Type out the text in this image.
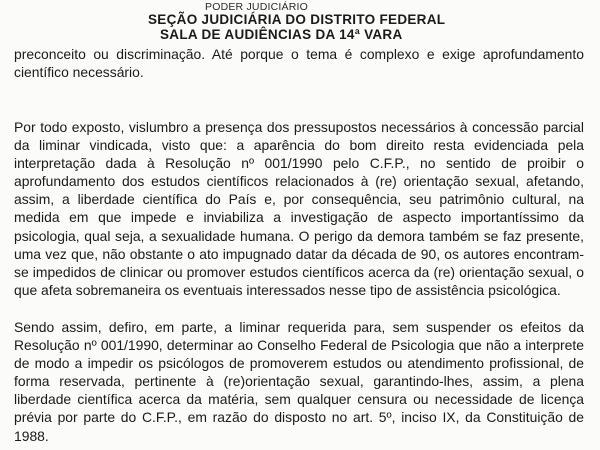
PODER JUDICIÁRIO
SEÇÃO JUDICIÁRIA DO DISTRITO FEDERAL
SALA DE AUDIÊNCIAS DA 14ª VARA

preconceito ou discriminação. Até porque o tema é complexo e exige aprofundamento científico necessário.

Por todo exposto, vislumbro a presença dos pressupostos necessários à concessão parcial da liminar vindicada, visto que: a aparência do bom direito resta evidenciada pela interpretação dada à Resolução nº 001/1990 pelo C.F.P., no sentido de proibir o aprofundamento dos estudos científicos relacionados à (re) orientação sexual, afetando, assim, a liberdade científica do País e, por consequência, seu patrimônio cultural, na medida em que impede e inviabiliza a investigação de aspecto importantíssimo da psicologia, qual seja, a sexualidade humana. O perigo da demora também se faz presente, uma vez que, não obstante o ato impugnado datar da década de 90, os autores encontram-se impedidos de clinicar ou promover estudos científicos acerca da (re) orientação sexual, o que afeta sobremaneira os eventuais interessados nesse tipo de assistência psicológica.

Sendo assim, defiro, em parte, a liminar requerida para, sem suspender os efeitos da Resolução nº 001/1990, determinar ao Conselho Federal de Psicologia que não a interprete de modo a impedir os psicólogos de promoverem estudos ou atendimento profissional, de forma reservada, pertinente à (re)orientação sexual, garantindo-lhes, assim, a plena liberdade científica acerca da matéria, sem qualquer censura ou necessidade de licença prévia por parte do C.F.P., em razão do disposto no art. 5º, inciso IX, da Constituição de 1988.
